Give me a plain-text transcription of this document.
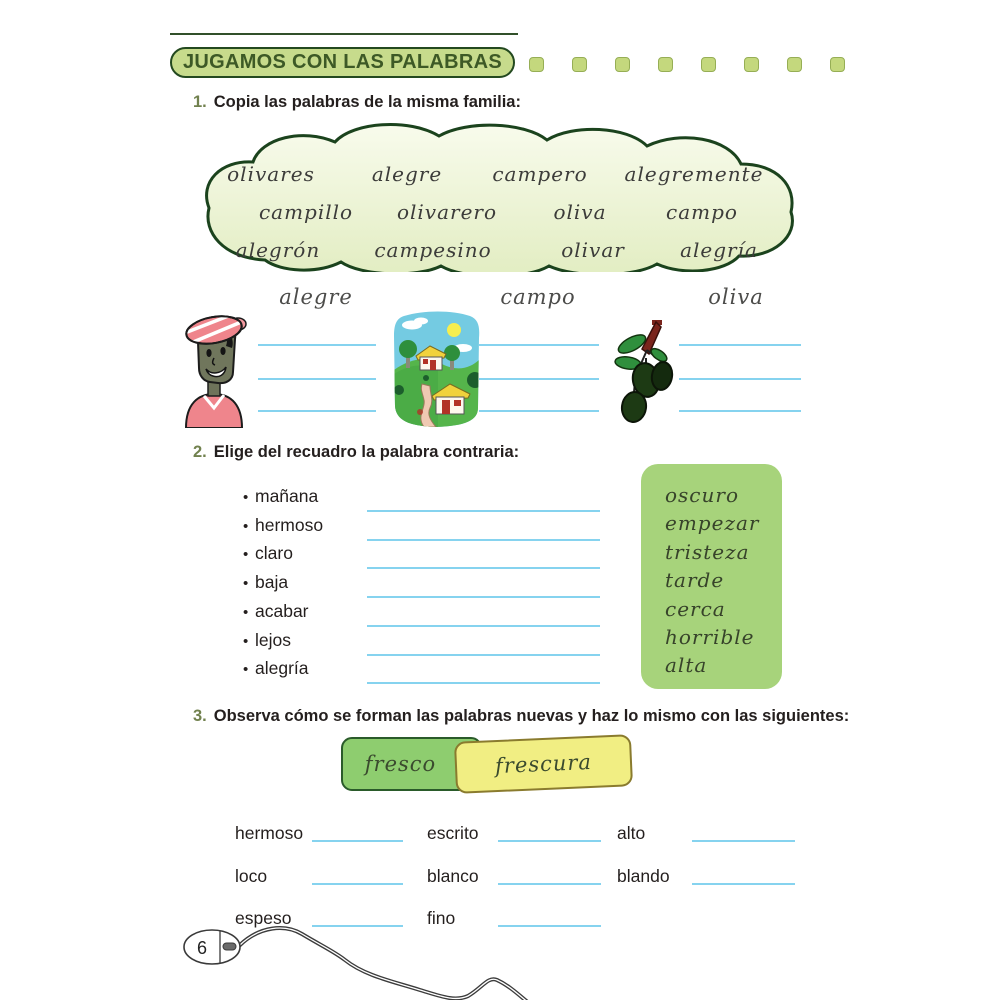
JUGAMOS CON LAS PALABRAS
1. Copia las palabras de la misma familia:
olivares	alegre	campero alegremente
campillo olivarero	oliva	campo
alegrón	campesino	olivar	alegría
alegre	campo	oliva
2. Elige del recuadro la palabra contraria:
• mañana
• hermoso
• claro
• baja
• acabar
• lejos
• alegría
oscuro
empezar
tristeza
tarde
cerca
horrible
alta
3. Observa cómo se forman las palabras nuevas y haz lo mismo con las siguientes:
fresco	frescura
hermoso	escrito	alto
loco	blanco	blando
espeso	fino
6
